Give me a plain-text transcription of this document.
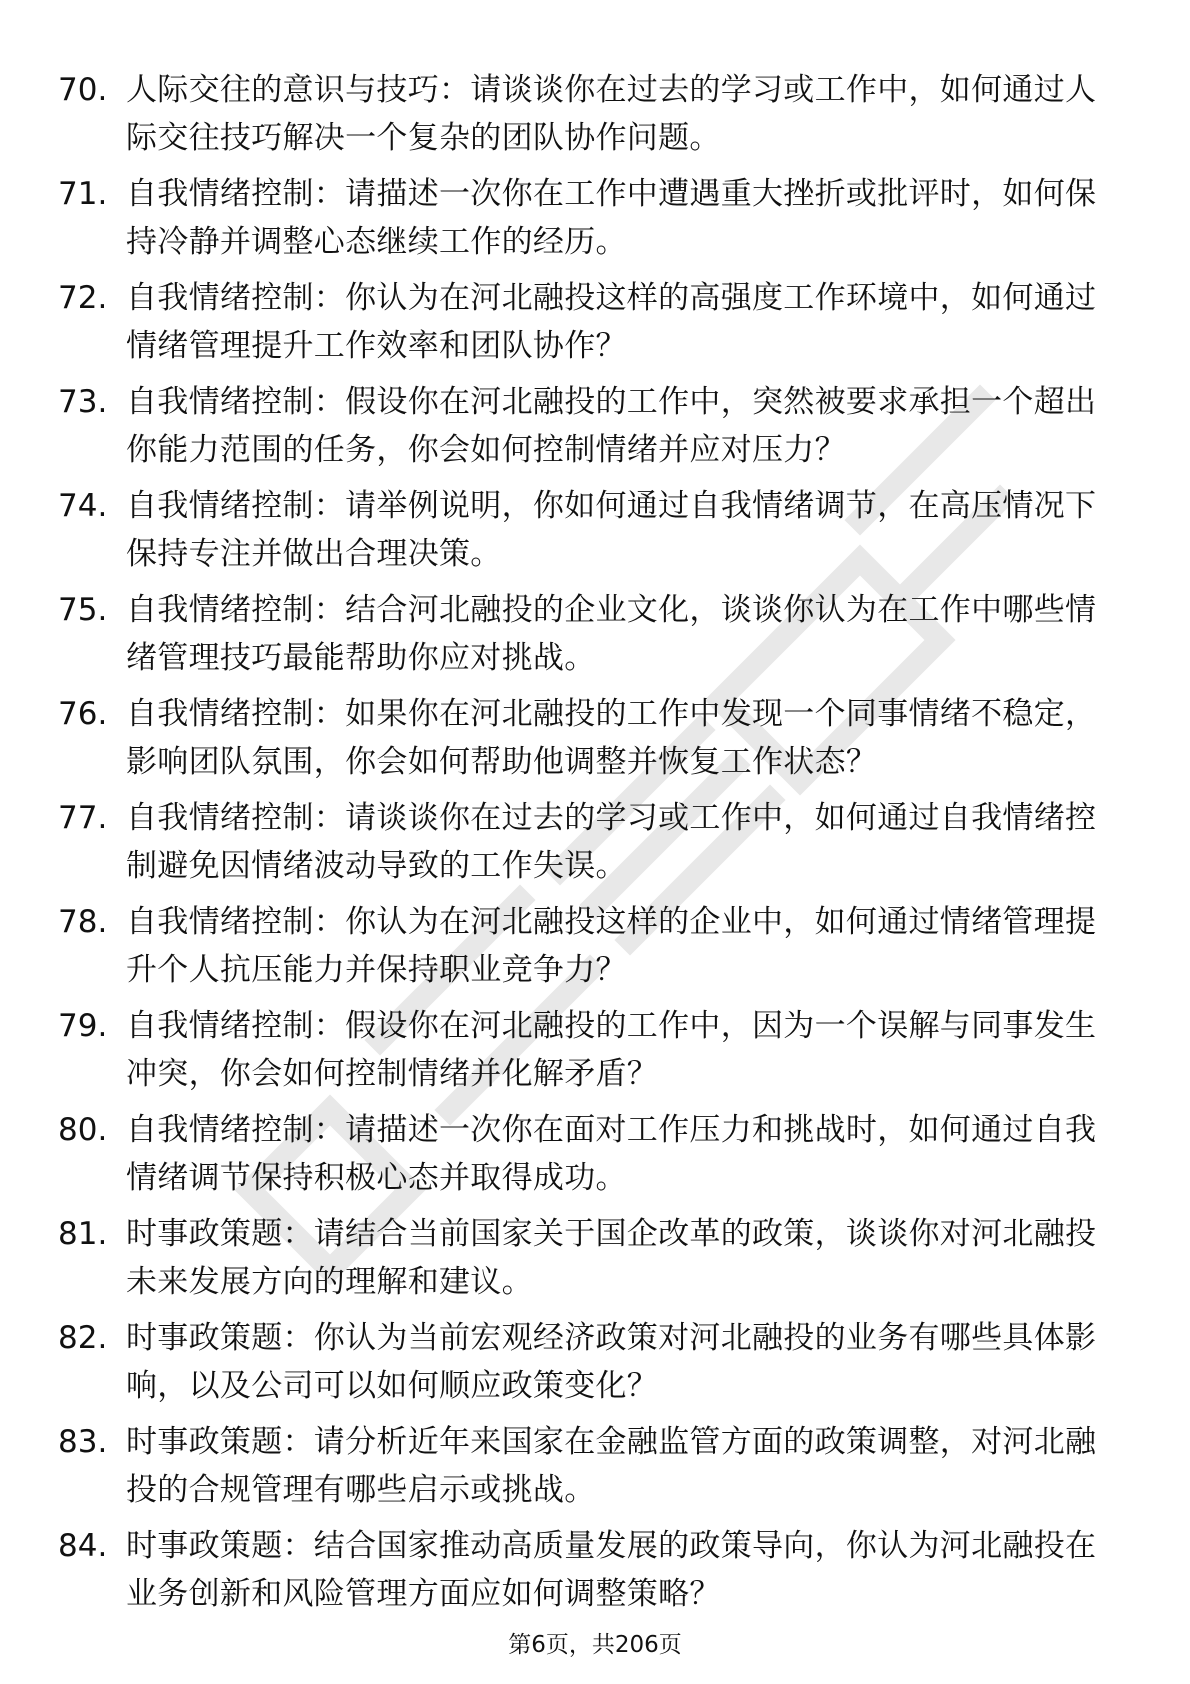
70. 人际交往的意识与技巧：请谈谈你在过去的学习或工作中，如何通过人际交往技巧解决一个复杂的团队协作问题。
71. 自我情绪控制：请描述一次你在工作中遭遇重大挫折或批评时，如何保持冷静并调整心态继续工作的经历。
72. 自我情绪控制：你认为在河北融投这样的高强度工作环境中，如何通过情绪管理提升工作效率和团队协作？
73. 自我情绪控制：假设你在河北融投的工作中，突然被要求承担一个超出你能力范围的任务，你会如何控制情绪并应对压力？
74. 自我情绪控制：请举例说明，你如何通过自我情绪调节，在高压情况下保持专注并做出合理决策。
75. 自我情绪控制：结合河北融投的企业文化，谈谈你认为在工作中哪些情绪管理技巧最能帮助你应对挑战。
76. 自我情绪控制：如果你在河北融投的工作中发现一个同事情绪不稳定，影响团队氛围，你会如何帮助他调整并恢复工作状态？
77. 自我情绪控制：请谈谈你在过去的学习或工作中，如何通过自我情绪控制避免因情绪波动导致的工作失误。
78. 自我情绪控制：你认为在河北融投这样的企业中，如何通过情绪管理提升个人抗压能力并保持职业竞争力？
79. 自我情绪控制：假设你在河北融投的工作中，因为一个误解与同事发生冲突，你会如何控制情绪并化解矛盾？
80. 自我情绪控制：请描述一次你在面对工作压力和挑战时，如何通过自我情绪调节保持积极心态并取得成功。
81. 时事政策题：请结合当前国家关于国企改革的政策，谈谈你对河北融投未来发展方向的理解和建议。
82. 时事政策题：你认为当前宏观经济政策对河北融投的业务有哪些具体影响，以及公司可以如何顺应政策变化？
83. 时事政策题：请分析近年来国家在金融监管方面的政策调整，对河北融投的合规管理有哪些启示或挑战。
84. 时事政策题：结合国家推动高质量发展的政策导向，你认为河北融投在业务创新和风险管理方面应如何调整策略？
第6页，共206页
